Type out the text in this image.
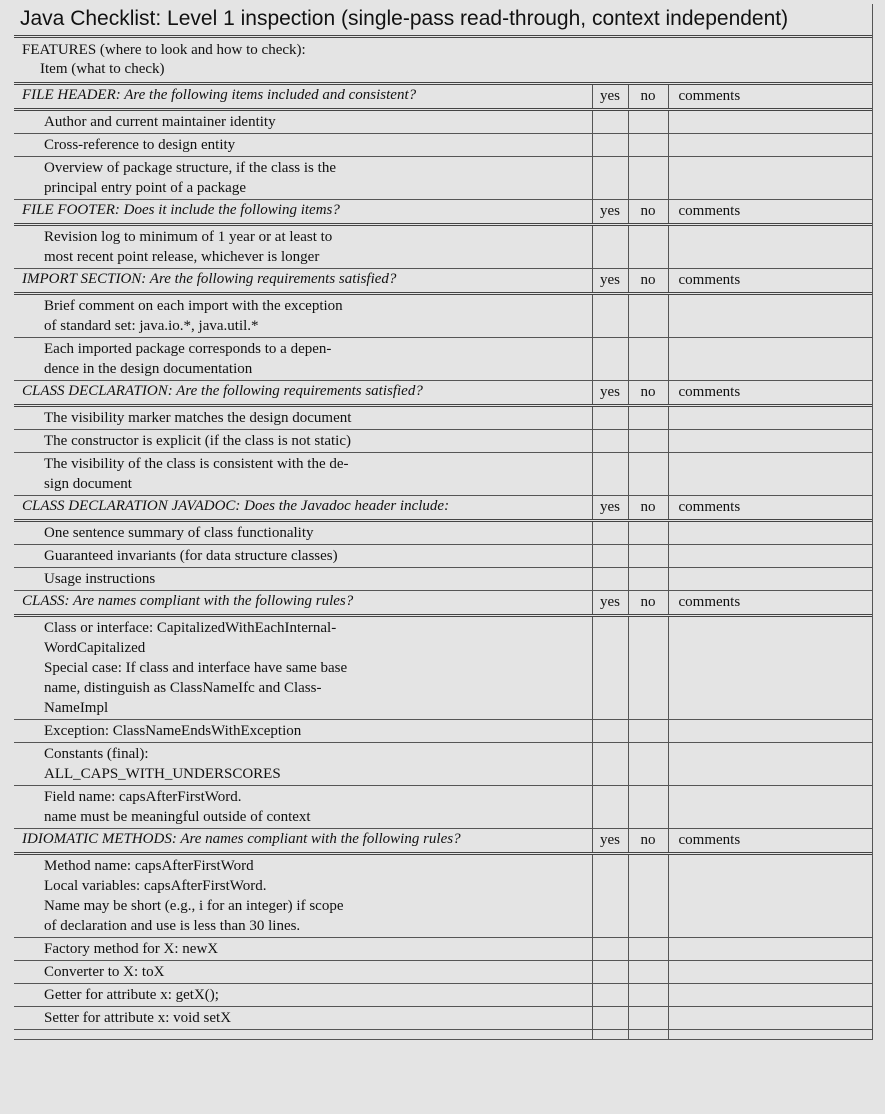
Java Checklist: Level 1 inspection (single-pass read-through, context independent)
FEATURES (where to look and how to check):
Item (what to check)
FILE HEADER: Are the following items included and consistent?	yes	no	comments

Author and current maintainer identity			

Cross-reference to design entity			

Overview of package structure, if the class is the
principal entry point of a package			

FILE FOOTER: Does it include the following items?	yes	no	comments

Revision log to minimum of 1 year or at least to
most recent point release, whichever is longer			

IMPORT SECTION: Are the following requirements satisfied?	yes	no	comments

Brief comment on each import with the exception
of standard set: java.io.*, java.util.*			

Each imported package corresponds to a depen-
dence in the design documentation			

CLASS DECLARATION: Are the following requirements satisfied?	yes	no	comments

The visibility marker matches the design document			

The constructor is explicit (if the class is not static)			

The visibility of the class is consistent with the de-
sign document			

CLASS DECLARATION JAVADOC: Does the Javadoc header include:	yes	no	comments

One sentence summary of class functionality			

Guaranteed invariants (for data structure classes)			

Usage instructions			

CLASS: Are names compliant with the following rules?	yes	no	comments

Class or interface: CapitalizedWithEachInternal-
WordCapitalized
Special case: If class and interface have same base
name, distinguish as ClassNameIfc and Class-
NameImpl			

Exception: ClassNameEndsWithException			

Constants (final):
ALL_CAPS_WITH_UNDERSCORES			

Field name: capsAfterFirstWord.
name must be meaningful outside of context			

IDIOMATIC METHODS: Are names compliant with the following rules?	yes	no	comments

Method name: capsAfterFirstWord
Local variables: capsAfterFirstWord.
Name may be short (e.g., i for an integer) if scope
of declaration and use is less than 30 lines.			

Factory method for X: newX			

Converter to X: toX			

Getter for attribute x: getX();			

Setter for attribute x: void setX			
